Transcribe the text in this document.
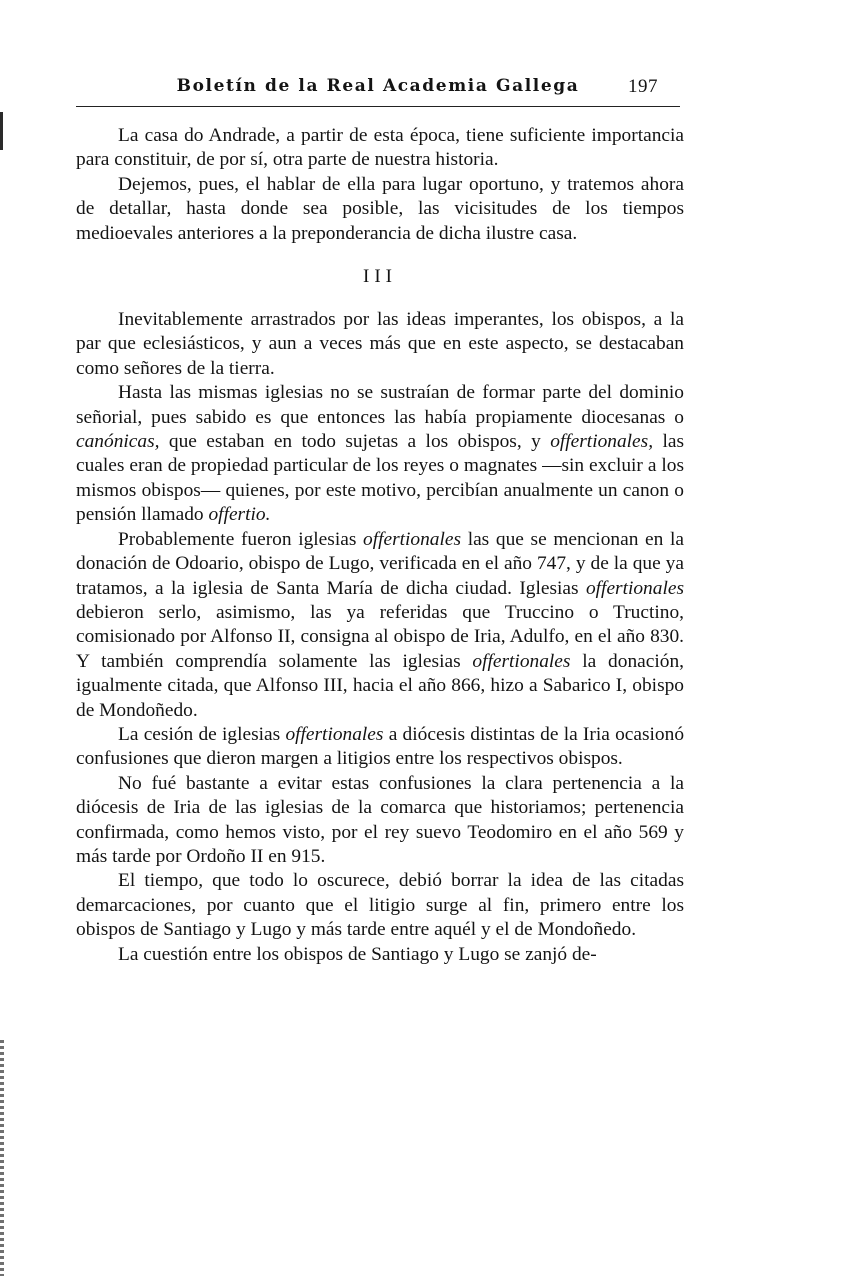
Boletín de la Real Academia Gallega	197

La casa do Andrade, a partir de esta época, tiene suficiente importancia para constituir, de por sí, otra parte de nuestra historia.

Dejemos, pues, el hablar de ella para lugar oportuno, y tratemos ahora de detallar, hasta donde sea posible, las vicisitudes de los tiempos medioevales anteriores a la preponderancia de dicha ilustre casa.

III

Inevitablemente arrastrados por las ideas imperantes, los obispos, a la par que eclesiásticos, y aun a veces más que en este aspecto, se destacaban como señores de la tierra.

Hasta las mismas iglesias no se sustraían de formar parte del dominio señorial, pues sabido es que entonces las había propiamente diocesanas o canónicas, que estaban en todo sujetas a los obispos, y offertionales, las cuales eran de propiedad particular de los reyes o magnates —sin excluir a los mismos obispos— quienes, por este motivo, percibían anualmente un canon o pensión llamado offertio.

Probablemente fueron iglesias offertionales las que se mencionan en la donación de Odoario, obispo de Lugo, verificada en el año 747, y de la que ya tratamos, a la iglesia de Santa María de dicha ciudad. Iglesias offertionales debieron serlo, asimismo, las ya referidas que Truccino o Tructino, comisionado por Alfonso II, consigna al obispo de Iria, Adulfo, en el año 830. Y también comprendía solamente las iglesias offertionales la donación, igualmente citada, que Alfonso III, hacia el año 866, hizo a Sabarico I, obispo de Mondoñedo.

La cesión de iglesias offertionales a diócesis distintas de la Iria ocasionó confusiones que dieron margen a litigios entre los respectivos obispos.

No fué bastante a evitar estas confusiones la clara pertenencia a la diócesis de Iria de las iglesias de la comarca que historiamos; pertenencia confirmada, como hemos visto, por el rey suevo Teodomiro en el año 569 y más tarde por Ordoño II en 915.

El tiempo, que todo lo oscurece, debió borrar la idea de las citadas demarcaciones, por cuanto que el litigio surge al fin, primero entre los obispos de Santiago y Lugo y más tarde entre aquél y el de Mondoñedo.

La cuestión entre los obispos de Santiago y Lugo se zanjó de-
